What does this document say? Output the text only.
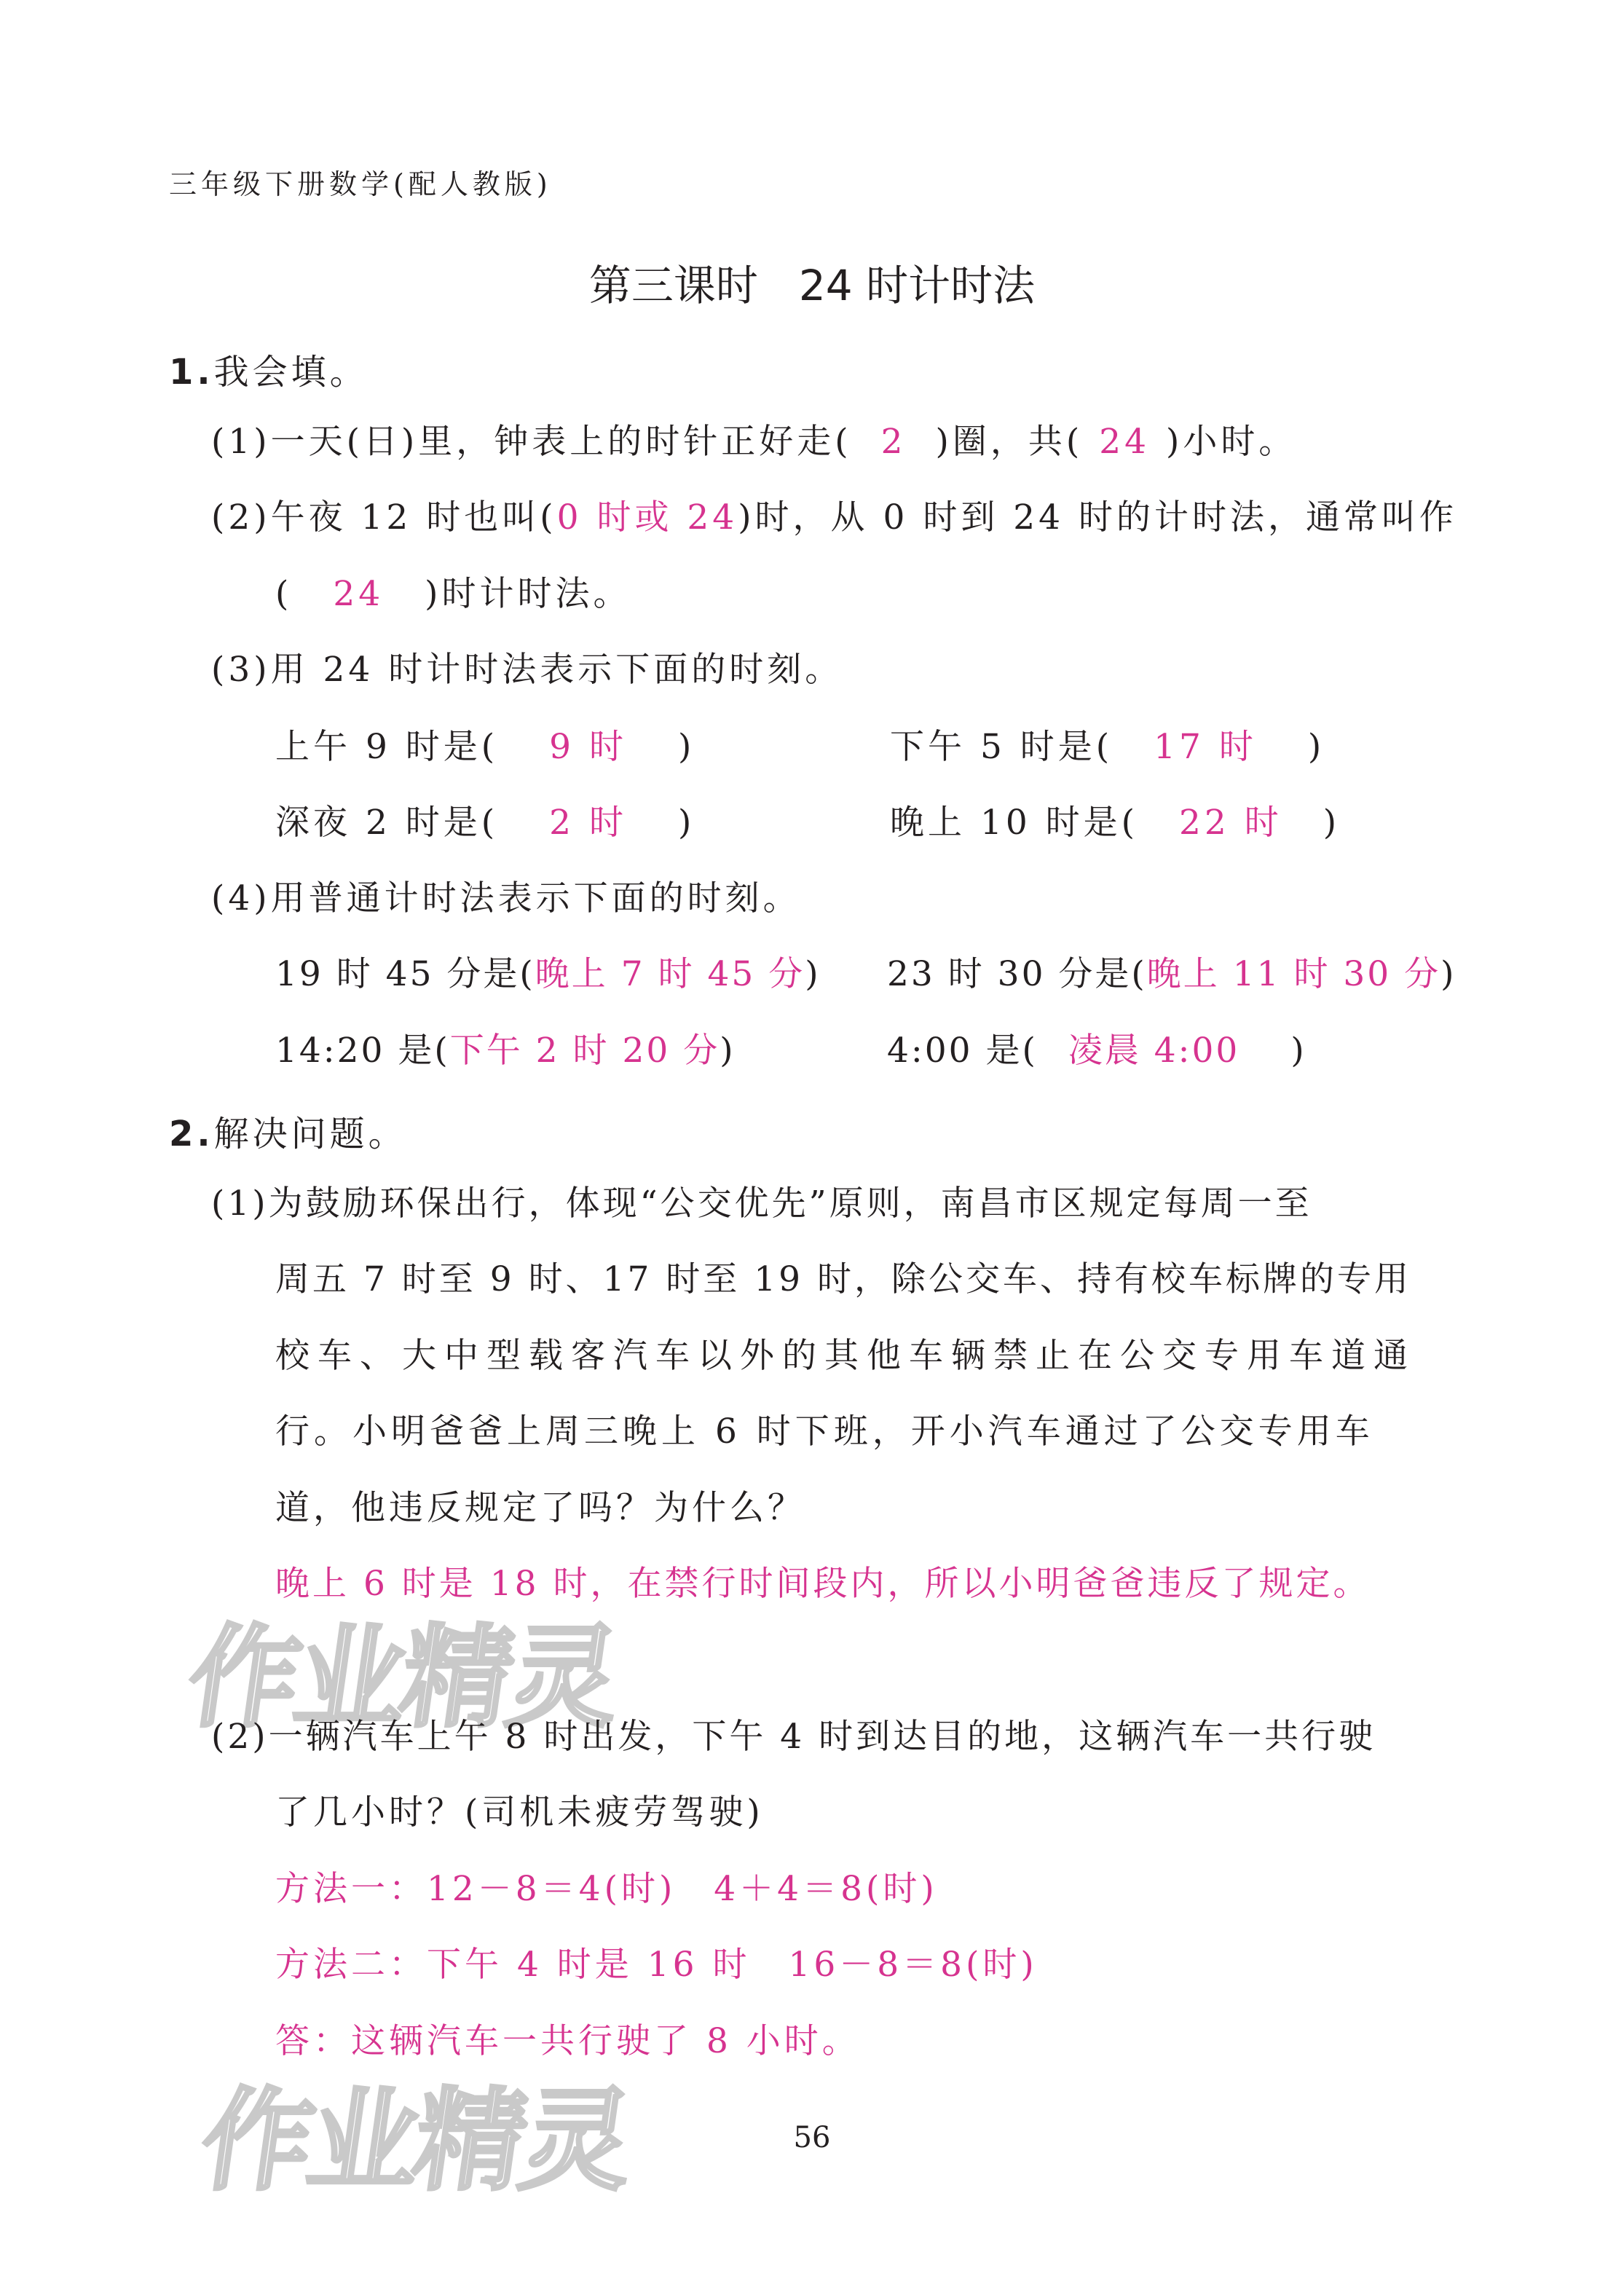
三年级下册数学(配人教版)
第三课时 24 时计时法
1.我会填。
(1)一天(日)里，钟表上的时针正好走( 2 )圈，共( 24 )小时。
(2)午夜 12 时也叫(0 时或 24)时，从 0 时到 24 时的计时法，通常叫作
( 24 )时计时法。
(3)用 24 时计时法表示下面的时刻。
上午 9 时是( 9 时 )	下午 5 时是( 17 时 )
深夜 2 时是( 2 时 )	晚上 10 时是( 22 时 )
(4)用普通计时法表示下面的时刻。
19 时 45 分是(晚上 7 时 45 分) 23 时 30 分是(晚上 11 时 30 分)
14:20 是(下午 2 时 20 分)	4:00 是( 凌晨 4:00 )
2.解决问题。
(1)为鼓励环保出行，体现“公交优先”原则，南昌市区规定每周一至
周五 7 时至 9 时、17 时至 19 时，除公交车、持有校车标牌的专用
校车、大中型载客汽车以外的其他车辆禁止在公交专用车道通
行。小明爸爸上周三晚上 6 时下班，开小汽车通过了公交专用车
道，他违反规定了吗？为什么？
晚上 6 时是 18 时，在禁行时间段内，所以小明爸爸违反了规定。
作业精灵
(2)一辆汽车上午 8 时出发，下午 4 时到达目的地，这辆汽车一共行驶
了几小时？(司机未疲劳驾驶)
方法一：12－8＝4(时)　4＋4＝8(时)
方法二：下午 4 时是 16 时　16－8＝8(时)
答：这辆汽车一共行驶了 8 小时。
作业精灵	56
